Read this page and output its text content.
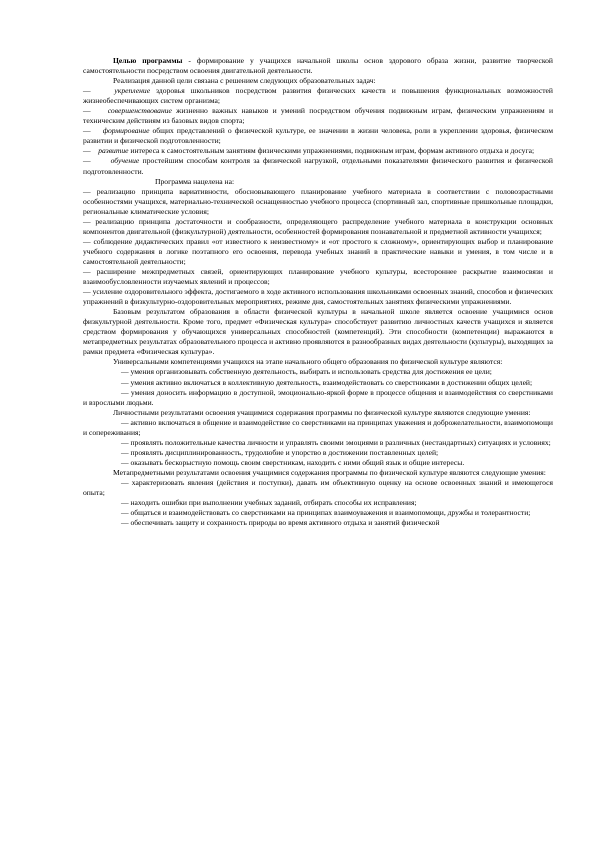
Целью программы - формирование у учащихся начальной школы основ здорового образа жизни, развитие творческой самостоятельности посредством освоения двигательной деятельности.

Реализация данной цели связана с решением следующих образовательных задач:

—	укрепление здоровья школьников посредством развития физических качеств и повышения функциональных возможностей жизнеобеспечивающих систем организма;

— совершенствование жизненно важных навыков и умений посредством обучения подвижным играм, физическим упражнениям и техническим действиям из базовых видов спорта;

— формирование общих представлений о физической культуре, ее значении в жизни человека, роли в укреплении здоровья, физическом развитии и физической подготовленности;

— развитие интереса к самостоятельным занятиям физическими упражнениями, подвижным играм, формам активного отдыха и досуга;

—	обучение простейшим способам контроля за физической нагрузкой, отдельными показателями физического развития и физической подготовленности.

Программа нацелена на:

— реализацию принципа вариативности, обосновывающего планирование учебного материала в соответствии с половозрастными особенностями учащихся, материально-технической оснащенностью учебного процесса (спортивный зал, спортивные пришкольные площадки, региональные климатические условия;

— реализацию принципа достаточности и сообразности, определяющего распределение учебного материала в конструкции основных компонентов двигательной (физкультурной) деятельности, особенностей формирования познавательной и предметной активности учащихся;

— соблюдение дидактических правил «от известного к неизвестному» и «от простого к сложному», ориентирующих выбор и планирование учебного содержания в логике поэтапного его освоения, перевода учебных знаний в практические навыки и умения, в том числе и в самостоятельной деятельности;

— расширение межпредметных связей, ориентирующих планирование учебного культуры, всестороннее раскрытие взаимосвязи и взаимообусловленности изучаемых явлений и процессов;

— усиление оздоровительного эффекта, достигаемого в ходе активного использования школьниками освоенных знаний, способов и физических упражнений в физкультурно-оздоровительных мероприятиях, режиме дня, самостоятельных занятиях физическими упражнениями.

Базовым результатом образования в области физической культуры в начальной школе является освоение учащимися основ физкультурной деятельности. Кроме того, предмет «Физическая культура» способствует развитию личностных качеств учащихся и является средством формирования у обучающихся универсальных способностей (компетенций). Эти способности (компетенции) выражаются в метапредметных результатах образовательного процесса и активно проявляются в разнообразных видах деятельности (культуры), выходящих за рамки предмета «Физическая культура».

Универсальными компетенциями учащихся на этапе начального общего образования по физической культуре являются:

— умения организовывать собственную деятельность, выбирать и использовать средства для достижения ее цели;

— умения активно включаться в коллективную деятельность, взаимодействовать со сверстниками в достижении общих целей;

— умения доносить информацию в доступной, эмоционально-яркой форме в процессе общения и взаимодействия со сверстниками и взрослыми людьми.

Личностными результатами освоения учащимися содержания программы по физической культуре являются следующие умения:

— активно включаться в общение и взаимодействие со сверстниками на принципах уважения и доброжелательности, взаимопомощи и сопереживания;

— проявлять положительные качества личности и управлять своими эмоциями в различных (нестандартных) ситуациях и условиях;

— проявлять дисциплинированность, трудолюбие и упорство в достижении поставленных целей;

— оказывать бескорыстную помощь своим сверстникам, находить с ними общий язык и общие интересы.

Метапредметными результатами освоения учащимися содержания программы по физической культуре являются следующие умения:

— характеризовать явления (действия и поступки), давать им объективную оценку на основе освоенных знаний и имеющегося опыта;

— находить ошибки при выполнении учебных заданий, отбирать способы их исправления;

— общаться и взаимодействовать со сверстниками на принципах взаимоуважения и взаимопомощи, дружбы и толерантности;

— обеспечивать защиту и сохранность природы во время активного отдыха и занятий физической
